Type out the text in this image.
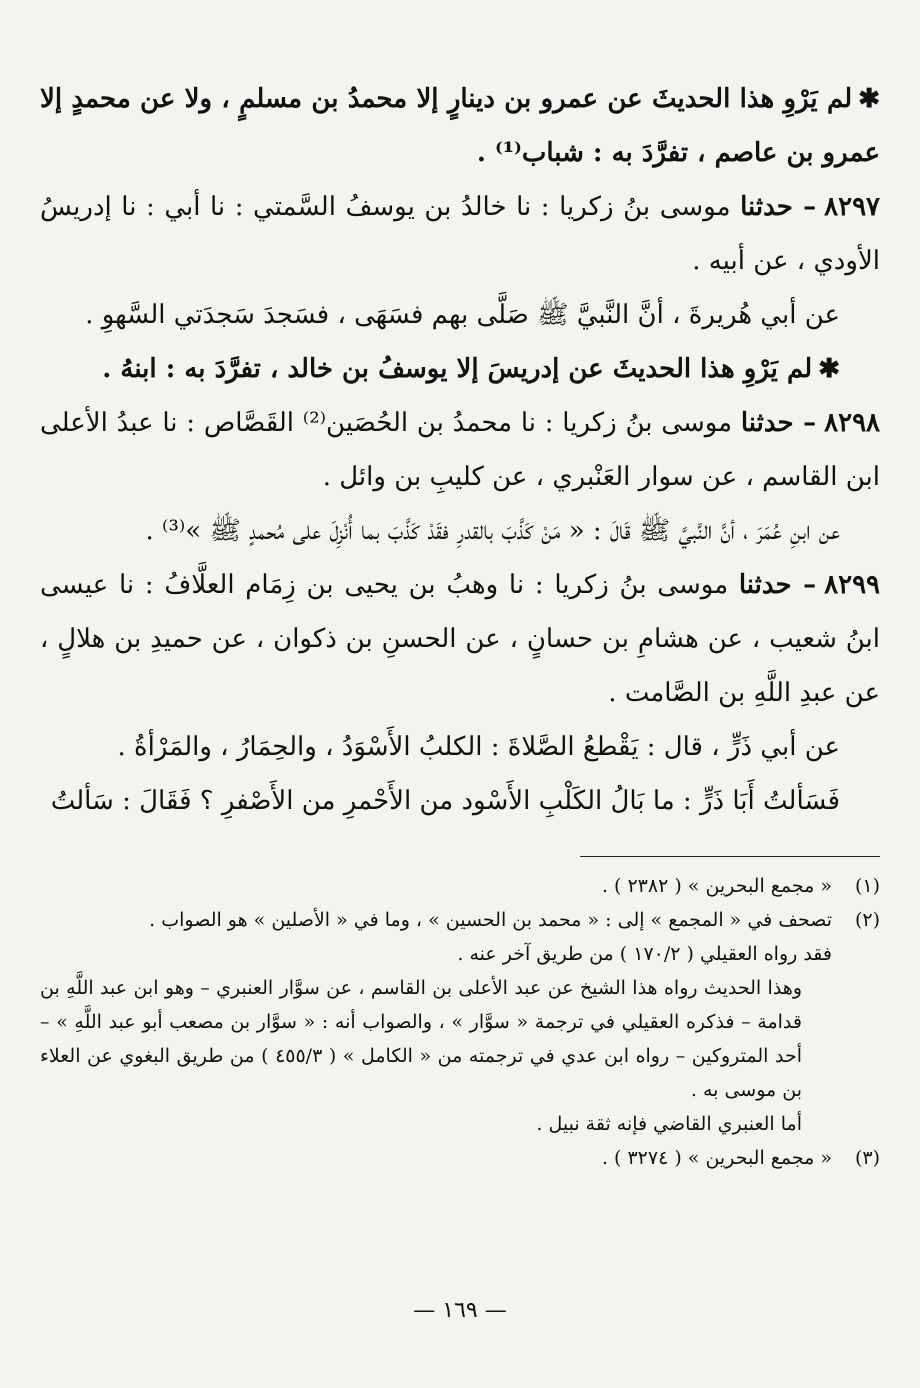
✱لم يَرْوِ هذا الحديثَ عن عمرو بن دينارٍ إلا محمدُ بن مسلمٍ ، ولا عن محمدٍ إلا عمرو بن عاصم ، تفرَّدَ به : شباب⁽¹⁾ .

٨٢٩٧– حدثنا موسى بنُ زكريا : نا خالدُ بن يوسفُ السَّمتي : نا أبي : نا إدريسُ الأودي ، عن أبيه .

عن أبي هُريرةَ ، أنَّ النَّبيَّ ﷺ صَلَّى بهم فسَهَى ، فسَجدَ سَجدَتي السَّهوِ .

✱لم يَرْوِ هذا الحديثَ عن إدريسَ إلا يوسفُ بن خالد ، تفرَّدَ به : ابنهُ .

٨٢٩٨– حدثنا موسى بنُ زكريا : نا محمدُ بن الحُصَين⁽²⁾ القَصَّاص : نا عبدُ الأعلى ابن القاسم ، عن سوار العَنْبري ، عن كليبِ بن وائل .

عن ابنِ عُمَرَ ، أنَّ النَّبيَّ ﷺ قَالَ : « مَنْ كَذَّبَ بالقدرِ فقَدْ كَذَّبَ بما أُنْزِلَ على مُحمدٍ ﷺ »⁽³⁾ .

٨٢٩٩– حدثنا موسى بنُ زكريا : نا وهبُ بن يحيى بن زِمَام العلَّافُ : نا عيسى ابنُ شعيب ، عن هشامِ بن حسانٍ ، عن الحسنِ بن ذكوان ، عن حميدِ بن هلالٍ ، عن عبدِ اللَّهِ بن الصَّامت .

عن أبي ذَرٍّ ، قال : يَقْطعُ الصَّلاةَ : الكلبُ الأَسْوَدُ ، والحِمَارُ ، والمَرْأةُ .

فَسَألتُ أَبَا ذَرٍّ : ما بَالُ الكَلْبِ الأَسْود من الأَحْمرِ من الأَصْفرِ ؟ فَقَالَ : سَألتُ

(١)« مجمع البحرين » ( ٢٣٨٢ ) .

(٢)تصحف في « المجمع » إلى : « محمد بن الحسين » ، وما في « الأصلين » هو الصواب .

فقد رواه العقيلي ( ١٧٠/٢ ) من طريق آخر عنه .

وهذا الحديث رواه هذا الشيخ عن عبد الأعلى بن القاسم ، عن سوَّار العنبري – وهو ابن عبد اللَّهِ بن قدامة – فذكره العقيلي في ترجمة « سوَّار » ، والصواب أنه : « سوَّار بن مصعب أبو عبد اللَّهِ » – أحد المتروكين – رواه ابن عدي في ترجمته من « الكامل » ( ٤٥٥/٣ ) من طريق البغوي عن العلاء بن موسى به .

أما العنبري القاضي فإنه ثقة نبيل .

(٣)« مجمع البحرين » ( ٣٢٧٤ ) .

— ١٦٩ —
